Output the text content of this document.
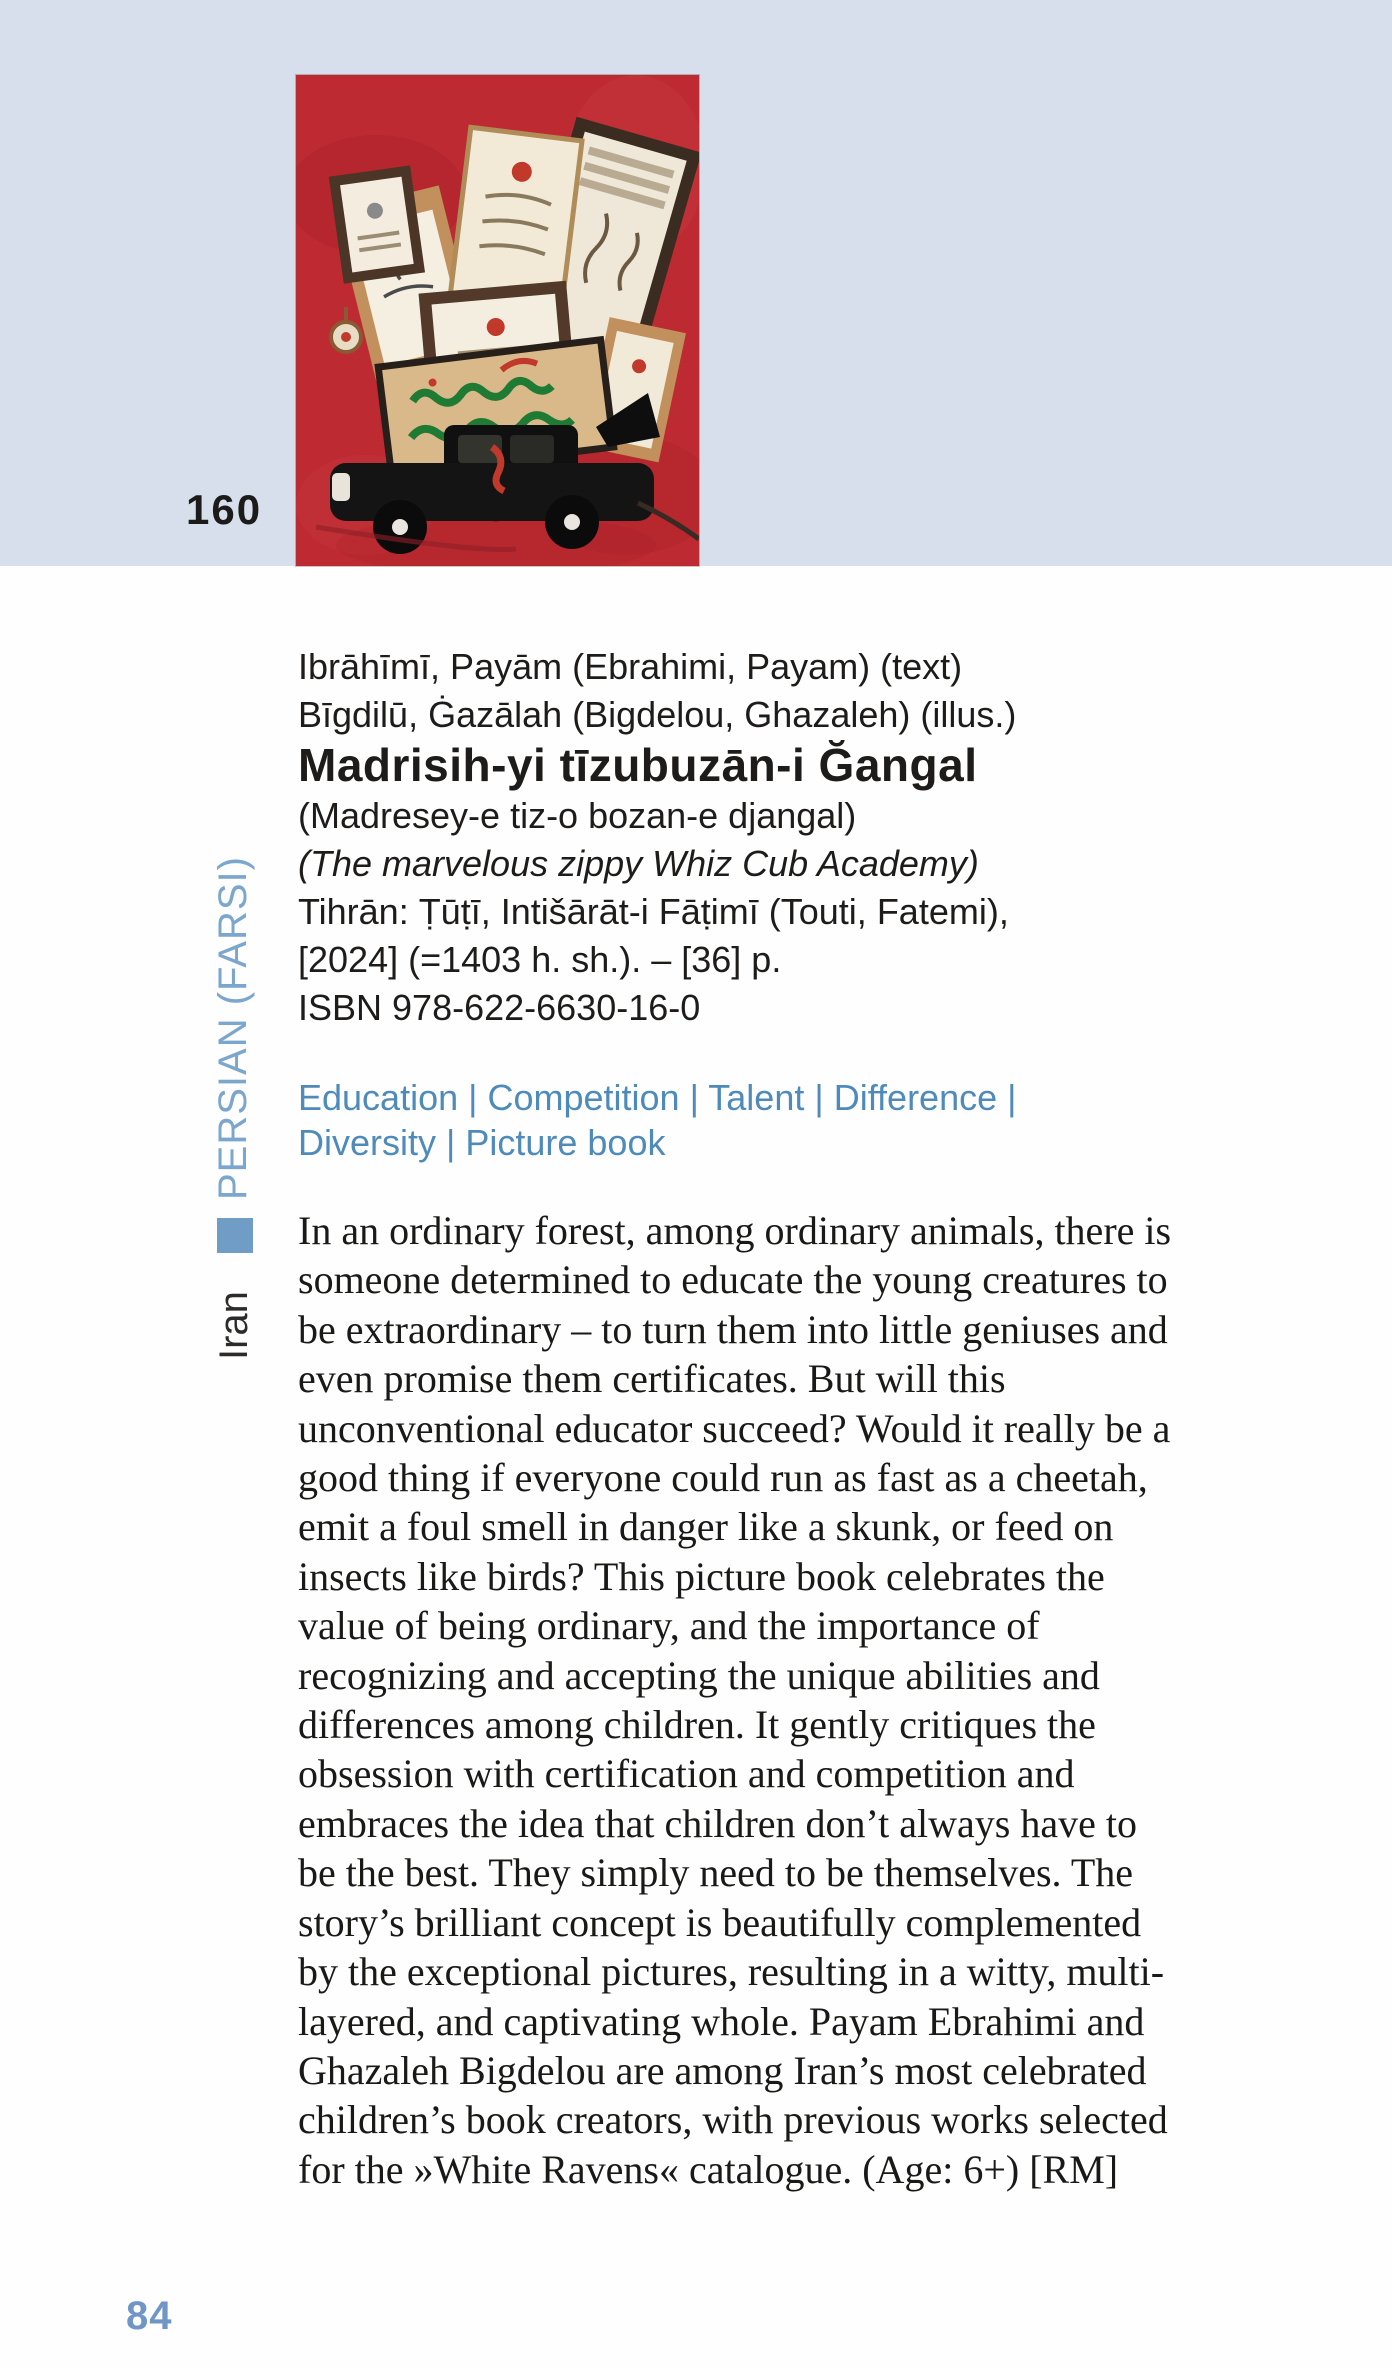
160
Ibrāhīmī, Payām (Ebrahimi, Payam) (text)
Bīgdilū, Ġazālah (Bigdelou, Ghazaleh) (illus.)
Madrisih-yi tīzubuzān-i Ğangal
(Madresey-e tiz-o bozan-e djangal)
(The marvelous zippy Whiz Cub Academy)
Tihrān: Ṭūṭī, Intišārāt-i Fāṭimī (Touti, Fatemi),
[2024] (=1403 h. sh.). – [36] p.
ISBN 978-622-6630-16-0
Education | Competition | Talent | Difference |
Diversity | Picture book
In an ordinary forest, among ordinary animals, there is someone determined to educate the young creatures to be extraordinary – to turn them into little geniuses and even promise them certificates. But will this unconventional educator succeed? Would it really be a good thing if everyone could run as fast as a cheetah, emit a foul smell in danger like a skunk, or feed on insects like birds? This picture book celebrates the value of being ordinary, and the importance of recognizing and accepting the unique abilities and differences among children. It gently critiques the obsession with certification and competition and embraces the idea that children don’t always have to be the best. They simply need to be themselves. The story’s brilliant concept is beautifully complemented by the exceptional pictures, resulting in a witty, multi-layered, and captivating whole. Payam Ebrahimi and Ghazaleh Bigdelou are among Iran’s most celebrated children’s book creators, with previous works selected for the »White Ravens« catalogue. (Age: 6+) [RM]
PERSIAN (FARSI)
Iran
84
